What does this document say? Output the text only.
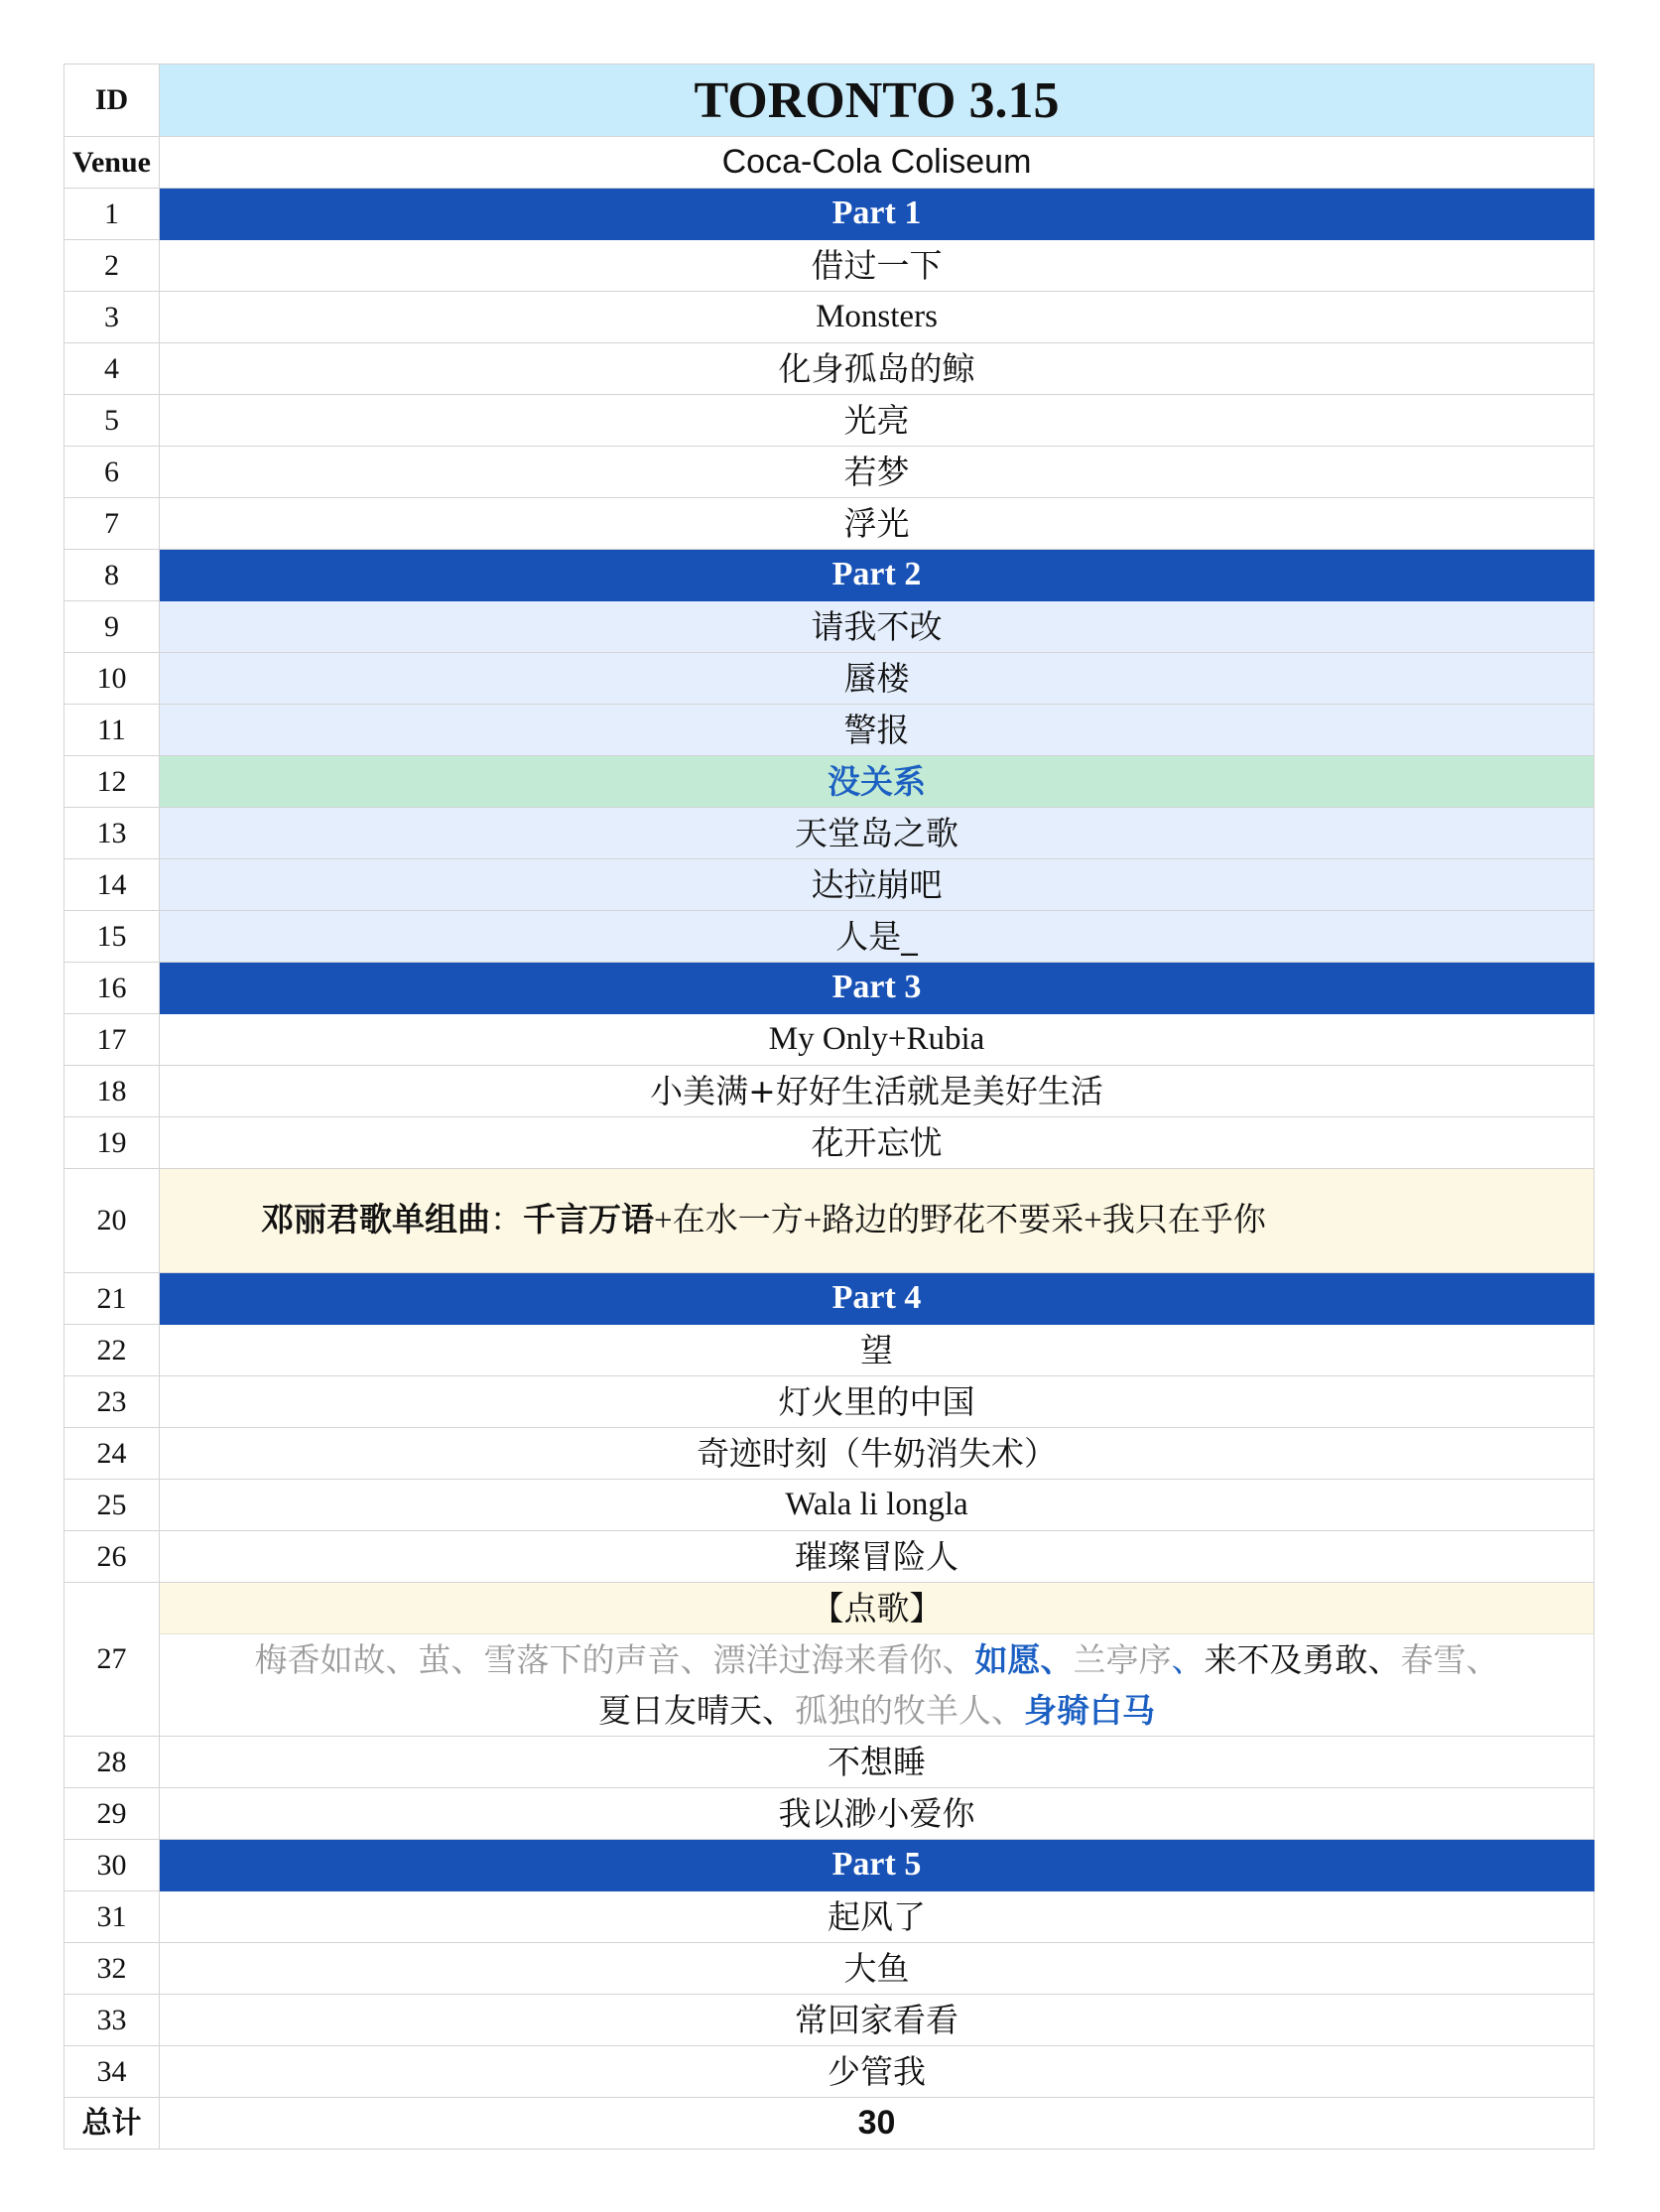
ID	TORONTO 3.15
Venue	Coca-Cola Coliseum
1	Part 1
2	借过一下
3	Monsters
4	化身孤岛的鲸
5	光亮
6	若梦
7	浮光
8	Part 2
9	请我不改
10	蜃楼
11	警报
12	没关系
13	天堂岛之歌
14	达拉崩吧
15	人是_
16	Part 3
17	My Only+Rubia
18	小美满+好好生活就是美好生活
19	花开忘忧
20	邓丽君歌单组曲：千言万语+在水一方+路边的野花不要采+我只在乎你
21	Part 4
22	望
23	灯火里的中国
24	奇迹时刻（牛奶消失术）
25	Wala li longla
26	璀璨冒险人
27	【点歌】
梅香如故、茧、雪落下的声音、漂洋过海来看你、如愿、兰亭序、来不及勇敢、春雪、
夏日友晴天、孤独的牧羊人、身骑白马

28	不想睡
29	我以渺小爱你
30	Part 5
31	起风了
32	大鱼
33	常回家看看
34	少管我
总计	30
